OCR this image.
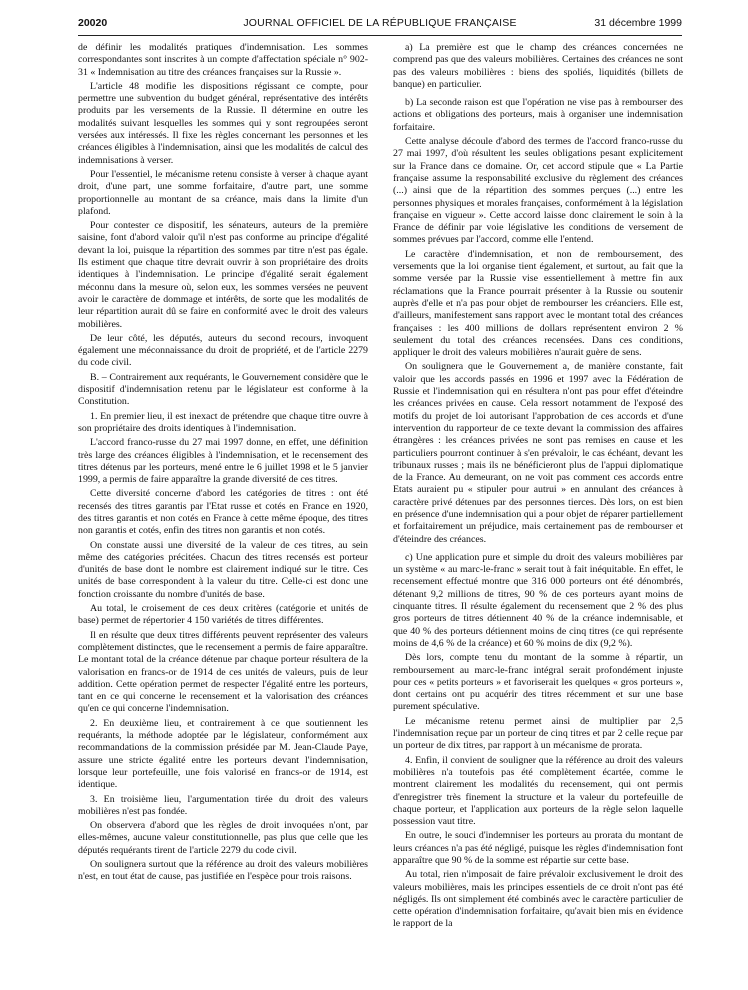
20020	JOURNAL OFFICIEL DE LA RÉPUBLIQUE FRANÇAISE	31 décembre 1999

de définir les modalités pratiques d'indemnisation. Les sommes correspondantes sont inscrites à un compte d'affectation spéciale n° 902-31 « Indemnisation au titre des créances françaises sur la Russie ».

L'article 48 modifie les dispositions régissant ce compte, pour permettre une subvention du budget général, représentative des intérêts produits par les versements de la Russie. Il détermine en outre les modalités suivant lesquelles les sommes qui y sont regroupées seront versées aux intéressés. Il fixe les règles concernant les personnes et les créances éligibles à l'indemnisation, ainsi que les modalités de calcul des indemnisations à verser.

Pour l'essentiel, le mécanisme retenu consiste à verser à chaque ayant droit, d'une part, une somme forfaitaire, d'autre part, une somme proportionnelle au montant de sa créance, mais dans la limite d'un plafond.

Pour contester ce dispositif, les sénateurs, auteurs de la première saisine, font d'abord valoir qu'il n'est pas conforme au principe d'égalité devant la loi, puisque la répartition des sommes par titre n'est pas égale. Ils estiment que chaque titre devrait ouvrir à son propriétaire des droits identiques à l'indemnisation. Le principe d'égalité serait également méconnu dans la mesure où, selon eux, les sommes versées ne peuvent avoir le caractère de dommage et intérêts, de sorte que les modalités de leur répartition aurait dû se faire en conformité avec le droit des valeurs mobilières.

De leur côté, les députés, auteurs du second recours, invoquent également une méconnaissance du droit de propriété, et de l'article 2279 du code civil.

B. – Contrairement aux requérants, le Gouvernement considère que le dispositif d'indemnisation retenu par le législateur est conforme à la Constitution.

1. En premier lieu, il est inexact de prétendre que chaque titre ouvre à son propriétaire des droits identiques à l'indemnisation.

L'accord franco-russe du 27 mai 1997 donne, en effet, une définition très large des créances éligibles à l'indemnisation, et le recensement des titres détenus par les porteurs, mené entre le 6 juillet 1998 et le 5 janvier 1999, a permis de faire apparaître la grande diversité de ces titres.

Cette diversité concerne d'abord les catégories de titres : ont été recensés des titres garantis par l'Etat russe et cotés en France en 1920, des titres garantis et non cotés en France à cette même époque, des titres non garantis et cotés, enfin des titres non garantis et non cotés.

On constate aussi une diversité de la valeur de ces titres, au sein même des catégories précitées. Chacun des titres recensés est porteur d'unités de base dont le nombre est clairement indiqué sur le titre. Ces unités de base correspondent à la valeur du titre. Celle-ci est donc une fonction croissante du nombre d'unités de base.

Au total, le croisement de ces deux critères (catégorie et unités de base) permet de répertorier 4 150 variétés de titres différentes.

Il en résulte que deux titres différents peuvent représenter des valeurs complètement distinctes, que le recensement a permis de faire apparaître. Le montant total de la créance détenue par chaque porteur résultera de la valorisation en francs-or de 1914 de ces unités de valeurs, puis de leur addition. Cette opération permet de respecter l'égalité entre les porteurs, tant en ce qui concerne le recensement et la valorisation des créances qu'en ce qui concerne l'indemnisation.

2. En deuxième lieu, et contrairement à ce que soutiennent les requérants, la méthode adoptée par le législateur, conformément aux recommandations de la commission présidée par M. Jean-Claude Paye, assure une stricte égalité entre les porteurs devant l'indemnisation, lorsque leur portefeuille, une fois valorisé en francs-or de 1914, est identique.

3. En troisième lieu, l'argumentation tirée du droit des valeurs mobilières n'est pas fondée.

On observera d'abord que les règles de droit invoquées n'ont, par elles-mêmes, aucune valeur constitutionnelle, pas plus que celle que les députés requérants tirent de l'article 2279 du code civil.

On soulignera surtout que la référence au droit des valeurs mobilières n'est, en tout état de cause, pas justifiée en l'espèce pour trois raisons.

a) La première est que le champ des créances concernées ne comprend pas que des valeurs mobilières. Certaines des créances ne sont pas des valeurs mobilières : biens des spoliés, liquidités (billets de banque) en particulier.

b) La seconde raison est que l'opération ne vise pas à rembourser des actions et obligations des porteurs, mais à organiser une indemnisation forfaitaire.

Cette analyse découle d'abord des termes de l'accord franco-russe du 27 mai 1997, d'où résultent les seules obligations pesant explicitement sur la France dans ce domaine. Or, cet accord stipule que « La Partie française assume la responsabilité exclusive du règlement des créances (...) ainsi que de la répartition des sommes perçues (...) entre les personnes physiques et morales françaises, conformément à la législation française en vigueur ». Cette accord laisse donc clairement le soin à la France de définir par voie législative les conditions de versement de sommes prévues par l'accord, comme elle l'entend.

Le caractère d'indemnisation, et non de remboursement, des versements que la loi organise tient également, et surtout, au fait que la somme versée par la Russie vise essentiellement à mettre fin aux réclamations que la France pourrait présenter à la Russie ou soutenir auprès d'elle et n'a pas pour objet de rembourser les créanciers. Elle est, d'ailleurs, manifestement sans rapport avec le montant total des créances françaises : les 400 millions de dollars représentent environ 2 % seulement du total des créances recensées. Dans ces conditions, appliquer le droit des valeurs mobilières n'aurait guère de sens.

On soulignera que le Gouvernement a, de manière constante, fait valoir que les accords passés en 1996 et 1997 avec la Fédération de Russie et l'indemnisation qui en résultera n'ont pas pour effet d'éteindre les créances privées en cause. Cela ressort notamment de l'exposé des motifs du projet de loi autorisant l'approbation de ces accords et d'une intervention du rapporteur de ce texte devant la commission des affaires étrangères : les créances privées ne sont pas remises en cause et les particuliers pourront continuer à s'en prévaloir, le cas échéant, devant les tribunaux russes ; mais ils ne bénéficieront plus de l'appui diplomatique de la France. Au demeurant, on ne voit pas comment ces accords entre Etats auraient pu « stipuler pour autrui » en annulant des créances à caractère privé détenues par des personnes tierces. Dès lors, on est bien en présence d'une indemnisation qui a pour objet de réparer partiellement et forfaitairement un préjudice, mais certainement pas de rembourser et d'éteindre des créances.

c) Une application pure et simple du droit des valeurs mobilières par un système « au marc-le-franc » serait tout à fait inéquitable. En effet, le recensement effectué montre que 316 000 porteurs ont été dénombrés, détenant 9,2 millions de titres, 90 % de ces porteurs ayant moins de cinquante titres. Il résulte également du recensement que 2 % des plus gros porteurs de titres détiennent 40 % de la créance indemnisable, et que 40 % des porteurs détiennent moins de cinq titres (ce qui représente moins de 4,6 % de la créance) et 60 % moins de dix (9,2 %).

Dès lors, compte tenu du montant de la somme à répartir, un remboursement au marc-le-franc intégral serait profondément injuste pour ces « petits porteurs » et favoriserait les quelques « gros porteurs », dont certains ont pu acquérir des titres récemment et sur une base purement spéculative.

Le mécanisme retenu permet ainsi de multiplier par 2,5 l'indemnisation reçue par un porteur de cinq titres et par 2 celle reçue par un porteur de dix titres, par rapport à un mécanisme de prorata.

4. Enfin, il convient de souligner que la référence au droit des valeurs mobilières n'a toutefois pas été complètement écartée, comme le montrent clairement les modalités du recensement, qui ont permis d'enregistrer très finement la structure et la valeur du portefeuille de chaque porteur, et l'application aux porteurs de la règle selon laquelle possession vaut titre.

En outre, le souci d'indemniser les porteurs au prorata du montant de leurs créances n'a pas été négligé, puisque les règles d'indemnisation font apparaître que 90 % de la somme est répartie sur cette base.

Au total, rien n'imposait de faire prévaloir exclusivement le droit des valeurs mobilières, mais les principes essentiels de ce droit n'ont pas été négligés. Ils ont simplement été combinés avec le caractère particulier de cette opération d'indemnisation forfaitaire, qu'avait bien mis en évidence le rapport de la
